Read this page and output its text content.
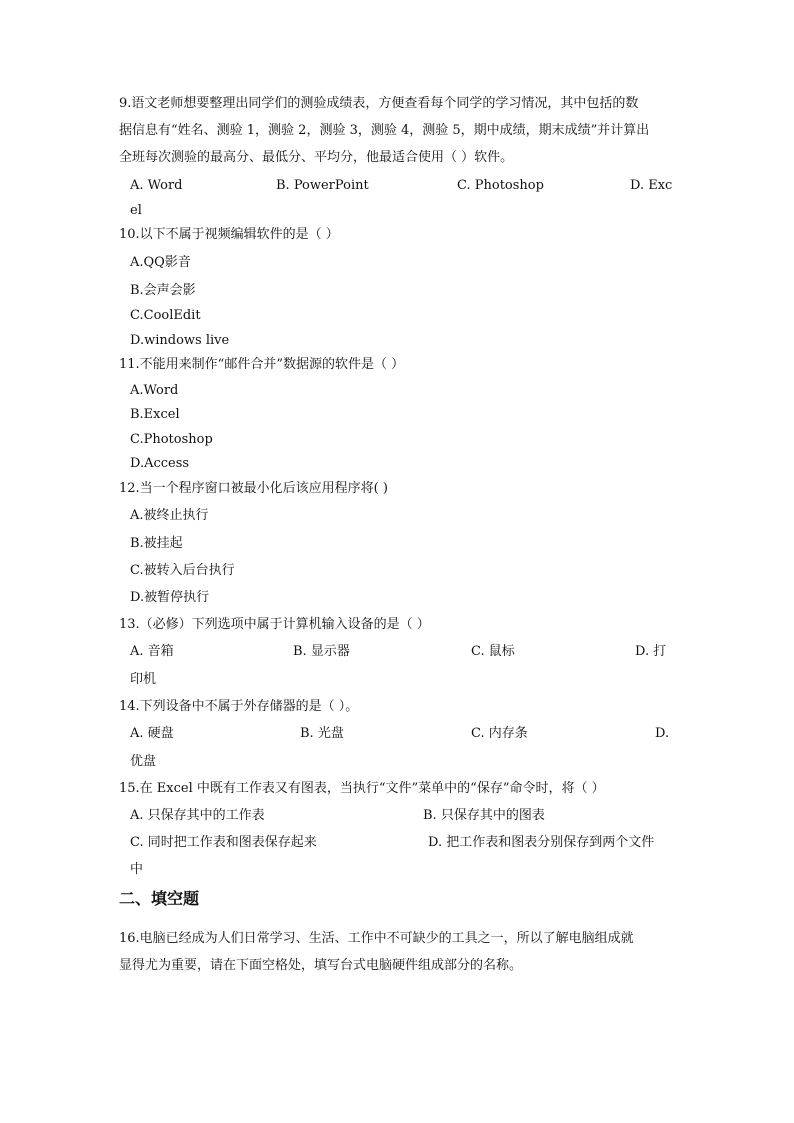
9.语文老师想要整理出同学们的测验成绩表，方便查看每个同学的学习情况，其中包括的数
据信息有“姓名、测验 1，测验 2，测验 3，测验 4，测验 5，期中成绩，期末成绩”并计算出
全班每次测验的最高分、最低分、平均分，他最适合使用（ ）软件。
A. Word	B. PowerPoint	C. Photoshop	D. Exc
el
10.以下不属于视频编辑软件的是（ ）
A.QQ影音
B.会声会影
C.CoolEdit
D.windows live
11.不能用来制作“邮件合并”数据源的软件是（ ）
A.Word
B.Excel
C.Photoshop
D.Access
12.当一个程序窗口被最小化后该应用程序将( )
A.被终止执行
B.被挂起
C.被转入后台执行
D.被暂停执行
13.（必修）下列选项中属于计算机输入设备的是（ ）
A. 音箱	B. 显示器	C. 鼠标	D. 打
印机
14.下列设备中不属于外存储器的是（ ）。
A. 硬盘	B. 光盘	C. 内存条	D.
优盘
15.在 Excel 中既有工作表又有图表，当执行“文件”菜单中的“保存”命令时，将（ ）
A. 只保存其中的工作表	B. 只保存其中的图表
C. 同时把工作表和图表保存起来	D. 把工作表和图表分别保存到两个文件
中
二、填空题
16.电脑已经成为人们日常学习、生活、工作中不可缺少的工具之一，所以了解电脑组成就
显得尤为重要，请在下面空格处，填写台式电脑硬件组成部分的名称。
